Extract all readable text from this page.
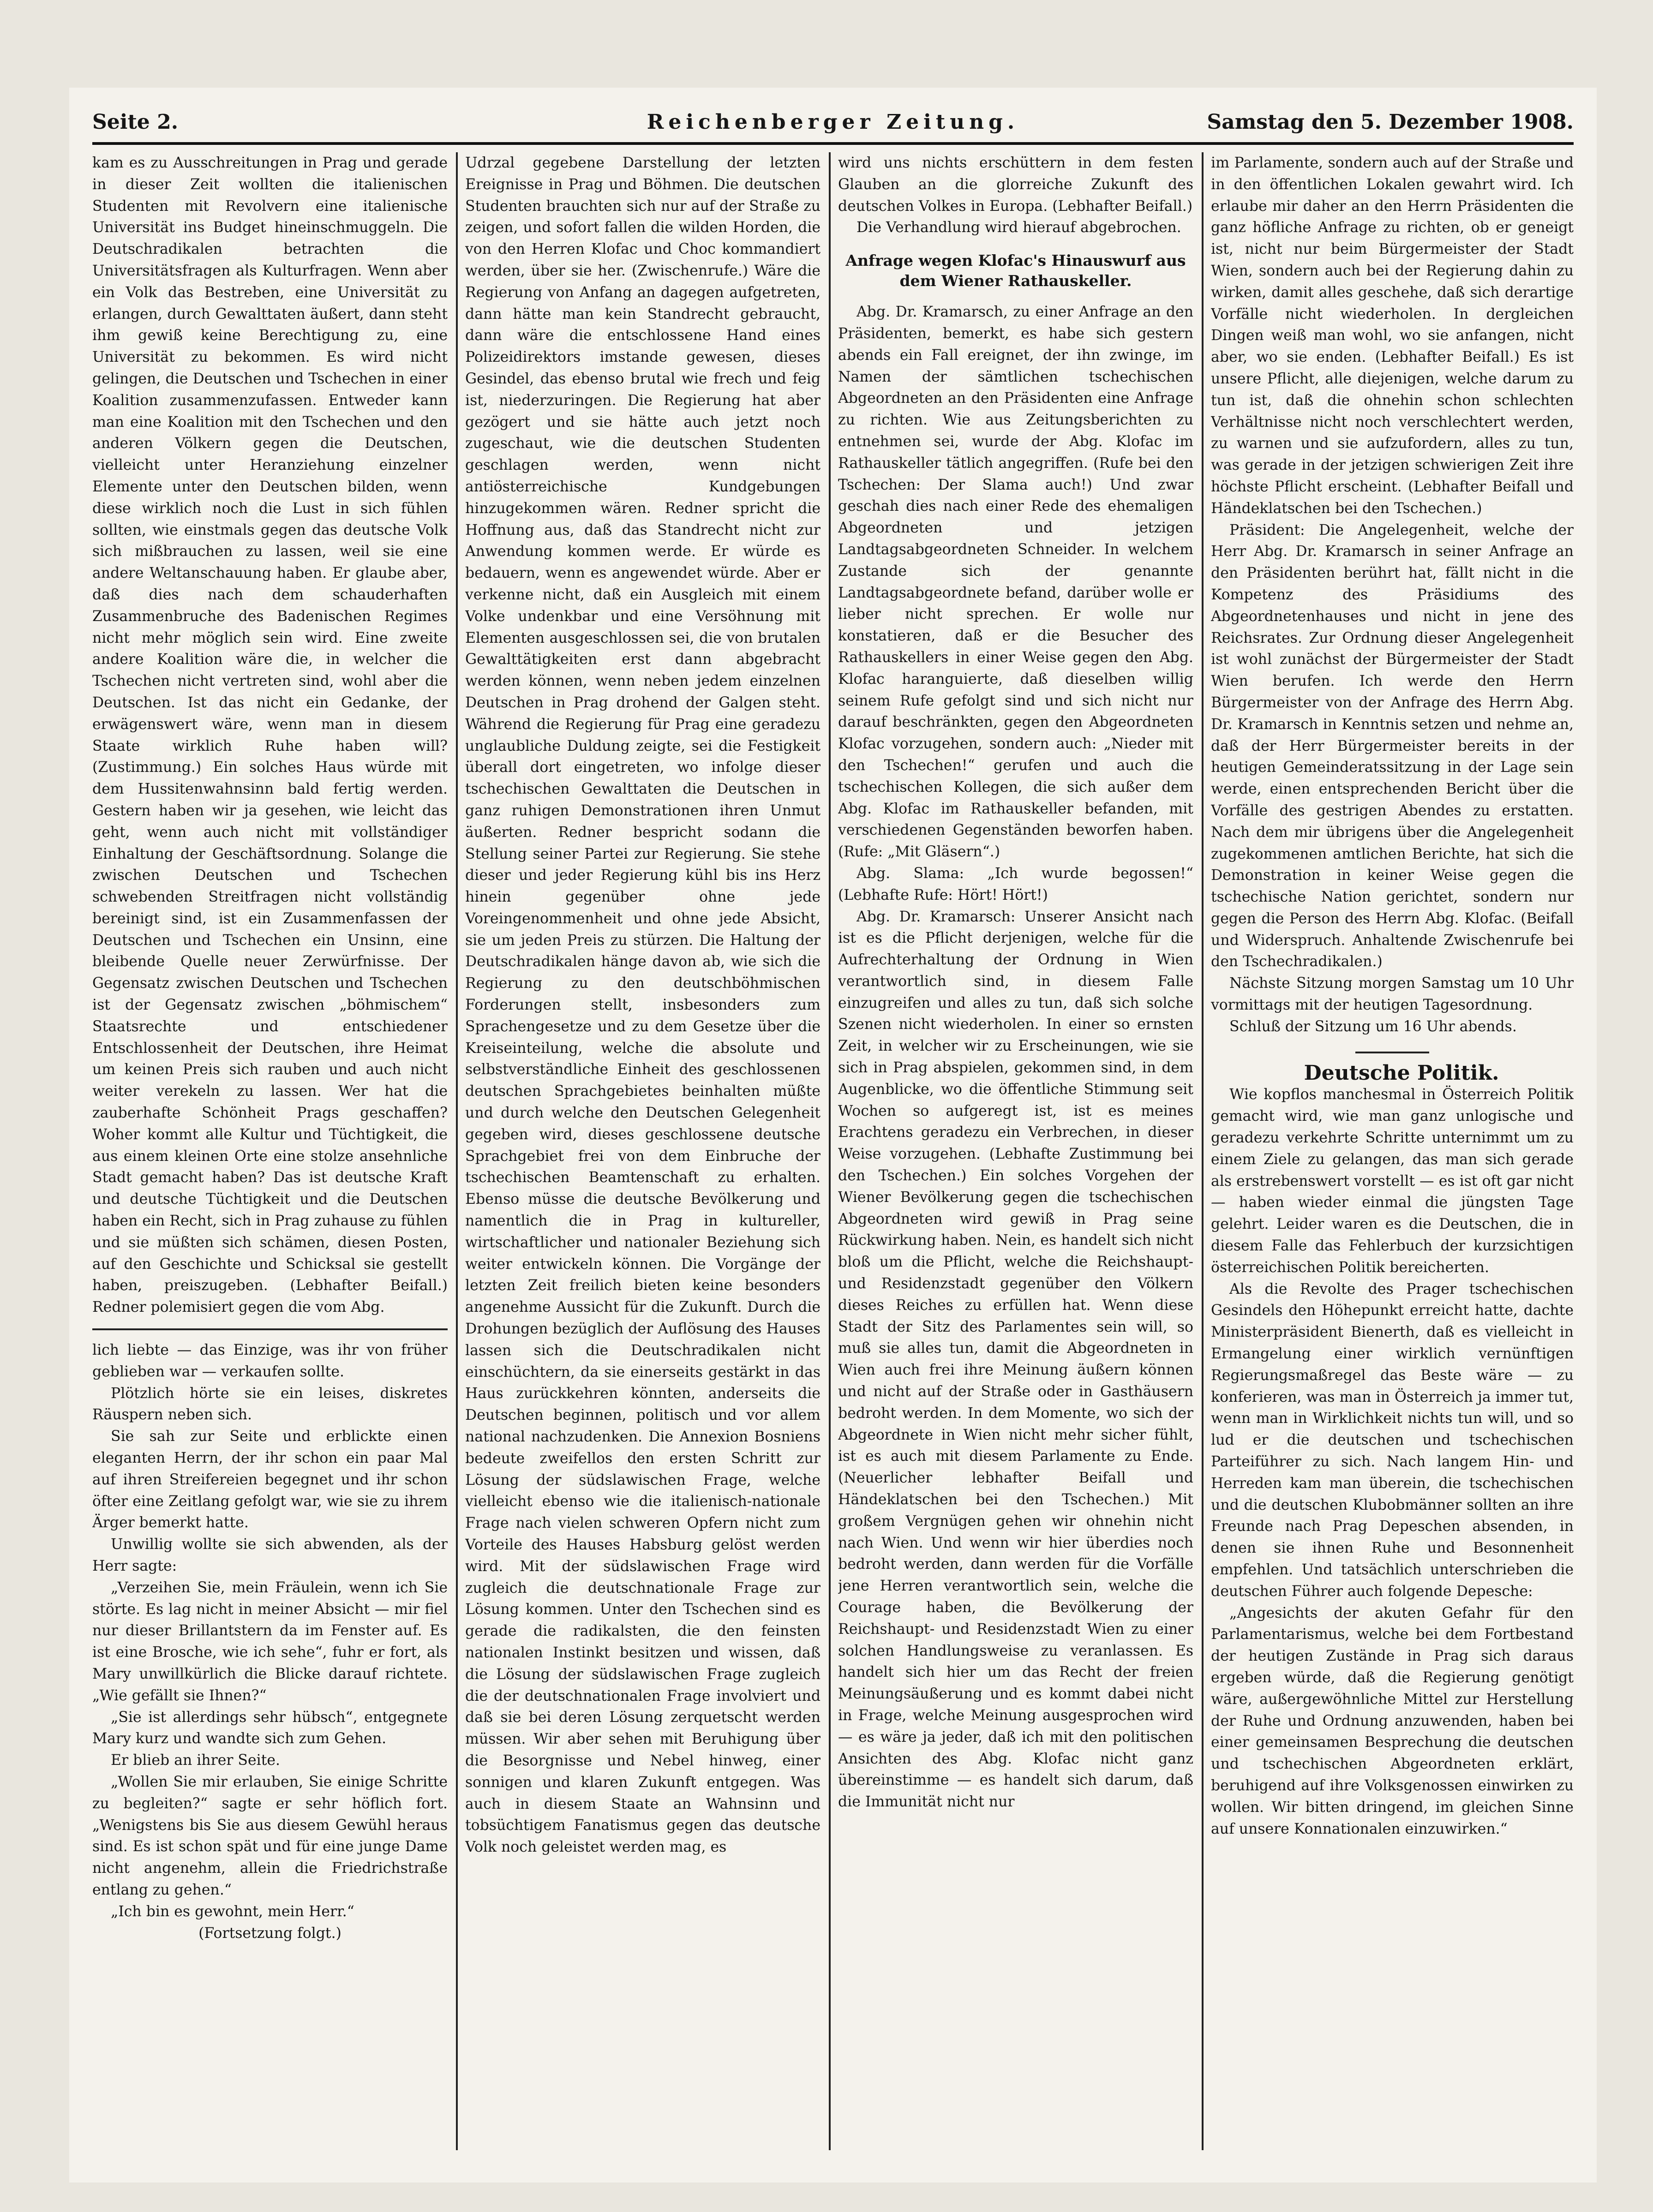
Seite 2.	Reichenberger Zeitung.	Samstag den 5. Dezember 1908.

kam es zu Ausschreitungen in Prag und gerade in dieser Zeit wollten die italienischen Studenten mit Revolvern eine italienische Universität ins Budget hineinschmuggeln. Die Deutschradikalen betrachten die Universitätsfragen als Kulturfragen. Wenn aber ein Volk das Bestreben, eine Universität zu erlangen, durch Gewalttaten äußert, dann steht ihm gewiß keine Berechtigung zu, eine Universität zu bekommen. Es wird nicht gelingen, die Deutschen und Tschechen in einer Koalition zusammenzufassen. Entweder kann man eine Koalition mit den Tschechen und den anderen Völkern gegen die Deutschen, vielleicht unter Heranziehung einzelner Elemente unter den Deutschen bilden, wenn diese wirklich noch die Lust in sich fühlen sollten, wie einstmals gegen das deutsche Volk sich mißbrauchen zu lassen, weil sie eine andere Weltanschauung haben. Er glaube aber, daß dies nach dem schauderhaften Zusammenbruche des Badenischen Regimes nicht mehr möglich sein wird. Eine zweite andere Koalition wäre die, in welcher die Tschechen nicht vertreten sind, wohl aber die Deutschen. Ist das nicht ein Gedanke, der erwägenswert wäre, wenn man in diesem Staate wirklich Ruhe haben will? (Zustimmung.) Ein solches Haus würde mit dem Hussitenwahnsinn bald fertig werden. Gestern haben wir ja gesehen, wie leicht das geht, wenn auch nicht mit vollständiger Einhaltung der Geschäftsordnung. Solange die zwischen Deutschen und Tschechen schwebenden Streitfragen nicht vollständig bereinigt sind, ist ein Zusammenfassen der Deutschen und Tschechen ein Unsinn, eine bleibende Quelle neuer Zerwürfnisse. Der Gegensatz zwischen Deutschen und Tschechen ist der Gegensatz zwischen „böhmischem“ Staatsrechte und entschiedener Entschlossenheit der Deutschen, ihre Heimat um keinen Preis sich rauben und auch nicht weiter verekeln zu lassen. Wer hat die zauberhafte Schönheit Prags geschaffen? Woher kommt alle Kultur und Tüchtigkeit, die aus einem kleinen Orte eine stolze ansehnliche Stadt gemacht haben? Das ist deutsche Kraft und deutsche Tüchtigkeit und die Deutschen haben ein Recht, sich in Prag zuhause zu fühlen und sie müßten sich schämen, diesen Posten, auf den Geschichte und Schicksal sie gestellt haben, preiszugeben. (Lebhafter Beifall.) Redner polemisiert gegen die vom Abg.

lich liebte — das Einzige, was ihr von früher geblieben war — verkaufen sollte.

Plötzlich hörte sie ein leises, diskretes Räuspern neben sich.

Sie sah zur Seite und erblickte einen eleganten Herrn, der ihr schon ein paar Mal auf ihren Streifereien begegnet und ihr schon öfter eine Zeitlang gefolgt war, wie sie zu ihrem Ärger bemerkt hatte.

Unwillig wollte sie sich abwenden, als der Herr sagte:

„Verzeihen Sie, mein Fräulein, wenn ich Sie störte. Es lag nicht in meiner Absicht — mir fiel nur dieser Brillantstern da im Fenster auf. Es ist eine Brosche, wie ich sehe“, fuhr er fort, als Mary unwillkürlich die Blicke darauf richtete. „Wie gefällt sie Ihnen?“

„Sie ist allerdings sehr hübsch“, entgegnete Mary kurz und wandte sich zum Gehen.

Er blieb an ihrer Seite.

„Wollen Sie mir erlauben, Sie einige Schritte zu begleiten?“ sagte er sehr höflich fort. „Wenigstens bis Sie aus diesem Gewühl heraus sind. Es ist schon spät und für eine junge Dame nicht angenehm, allein die Friedrichstraße entlang zu gehen.“

„Ich bin es gewohnt, mein Herr.“

(Fortsetzung folgt.)

Udrzal gegebene Darstellung der letzten Ereignisse in Prag und Böhmen. Die deutschen Studenten brauchten sich nur auf der Straße zu zeigen, und sofort fallen die wilden Horden, die von den Herren Klofac und Choc kommandiert werden, über sie her. (Zwischenrufe.) Wäre die Regierung von Anfang an dagegen aufgetreten, dann hätte man kein Standrecht gebraucht, dann wäre die entschlossene Hand eines Polizeidirektors imstande gewesen, dieses Gesindel, das ebenso brutal wie frech und feig ist, niederzuringen. Die Regierung hat aber gezögert und sie hätte auch jetzt noch zugeschaut, wie die deutschen Studenten geschlagen werden, wenn nicht antiösterreichische Kundgebungen hinzugekommen wären. Redner spricht die Hoffnung aus, daß das Standrecht nicht zur Anwendung kommen werde. Er würde es bedauern, wenn es angewendet würde. Aber er verkenne nicht, daß ein Ausgleich mit einem Volke undenkbar und eine Versöhnung mit Elementen ausgeschlossen sei, die von brutalen Gewalttätigkeiten erst dann abgebracht werden können, wenn neben jedem einzelnen Deutschen in Prag drohend der Galgen steht. Während die Regierung für Prag eine geradezu unglaubliche Duldung zeigte, sei die Festigkeit überall dort eingetreten, wo infolge dieser tschechischen Gewalttaten die Deutschen in ganz ruhigen Demonstrationen ihren Unmut äußerten. Redner bespricht sodann die Stellung seiner Partei zur Regierung. Sie stehe dieser und jeder Regierung kühl bis ins Herz hinein gegenüber ohne jede Voreingenommenheit und ohne jede Absicht, sie um jeden Preis zu stürzen. Die Haltung der Deutschradikalen hänge davon ab, wie sich die Regierung zu den deutschböhmischen Forderungen stellt, insbesonders zum Sprachengesetze und zu dem Gesetze über die Kreiseinteilung, welche die absolute und selbstverständliche Einheit des geschlossenen deutschen Sprachgebietes beinhalten müßte und durch welche den Deutschen Gelegenheit gegeben wird, dieses geschlossene deutsche Sprachgebiet frei von dem Einbruche der tschechischen Beamtenschaft zu erhalten. Ebenso müsse die deutsche Bevölkerung und namentlich die in Prag in kultureller, wirtschaftlicher und nationaler Beziehung sich weiter entwickeln können. Die Vorgänge der letzten Zeit freilich bieten keine besonders angenehme Aussicht für die Zukunft. Durch die Drohungen bezüglich der Auflösung des Hauses lassen sich die Deutschradikalen nicht einschüchtern, da sie einerseits gestärkt in das Haus zurückkehren könnten, anderseits die Deutschen beginnen, politisch und vor allem national nachzudenken. Die Annexion Bosniens bedeute zweifellos den ersten Schritt zur Lösung der südslawischen Frage, welche vielleicht ebenso wie die italienisch-nationale Frage nach vielen schweren Opfern nicht zum Vorteile des Hauses Habsburg gelöst werden wird. Mit der südslawischen Frage wird zugleich die deutschnationale Frage zur Lösung kommen. Unter den Tschechen sind es gerade die radikalsten, die den feinsten nationalen Instinkt besitzen und wissen, daß die Lösung der südslawischen Frage zugleich die der deutschnationalen Frage involviert und daß sie bei deren Lösung zerquetscht werden müssen. Wir aber sehen mit Beruhigung über die Besorgnisse und Nebel hinweg, einer sonnigen und klaren Zukunft entgegen. Was auch in diesem Staate an Wahnsinn und tobsüchtigem Fanatismus gegen das deutsche Volk noch geleistet werden mag, es

wird uns nichts erschüttern in dem festen Glauben an die glorreiche Zukunft des deutschen Volkes in Europa. (Lebhafter Beifall.)

Die Verhandlung wird hierauf abgebrochen.

Anfrage wegen Klofac's Hinauswurf aus dem Wiener Rathauskeller.

Abg. Dr. Kramarsch, zu einer Anfrage an den Präsidenten, bemerkt, es habe sich gestern abends ein Fall ereignet, der ihn zwinge, im Namen der sämtlichen tschechischen Abgeordneten an den Präsidenten eine Anfrage zu richten. Wie aus Zeitungsberichten zu entnehmen sei, wurde der Abg. Klofac im Rathauskeller tätlich angegriffen. (Rufe bei den Tschechen: Der Slama auch!) Und zwar geschah dies nach einer Rede des ehemaligen Abgeordneten und jetzigen Landtagsabgeordneten Schneider. In welchem Zustande sich der genannte Landtagsabgeordnete befand, darüber wolle er lieber nicht sprechen. Er wolle nur konstatieren, daß er die Besucher des Rathauskellers in einer Weise gegen den Abg. Klofac haranguierte, daß dieselben willig seinem Rufe gefolgt sind und sich nicht nur darauf beschränkten, gegen den Abgeordneten Klofac vorzugehen, sondern auch: „Nieder mit den Tschechen!“ gerufen und auch die tschechischen Kollegen, die sich außer dem Abg. Klofac im Rathauskeller befanden, mit verschiedenen Gegenständen beworfen haben. (Rufe: „Mit Gläsern“.)

Abg. Slama: „Ich wurde begossen!“ (Lebhafte Rufe: Hört! Hört!)

Abg. Dr. Kramarsch: Unserer Ansicht nach ist es die Pflicht derjenigen, welche für die Aufrechterhaltung der Ordnung in Wien verantwortlich sind, in diesem Falle einzugreifen und alles zu tun, daß sich solche Szenen nicht wiederholen. In einer so ernsten Zeit, in welcher wir zu Erscheinungen, wie sie sich in Prag abspielen, gekommen sind, in dem Augenblicke, wo die öffentliche Stimmung seit Wochen so aufgeregt ist, ist es meines Erachtens geradezu ein Verbrechen, in dieser Weise vorzugehen. (Lebhafte Zustimmung bei den Tschechen.) Ein solches Vorgehen der Wiener Bevölkerung gegen die tschechischen Abgeordneten wird gewiß in Prag seine Rückwirkung haben. Nein, es handelt sich nicht bloß um die Pflicht, welche die Reichshaupt- und Residenzstadt gegenüber den Völkern dieses Reiches zu erfüllen hat. Wenn diese Stadt der Sitz des Parlamentes sein will, so muß sie alles tun, damit die Abgeordneten in Wien auch frei ihre Meinung äußern können und nicht auf der Straße oder in Gasthäusern bedroht werden. In dem Momente, wo sich der Abgeordnete in Wien nicht mehr sicher fühlt, ist es auch mit diesem Parlamente zu Ende. (Neuerlicher lebhafter Beifall und Händeklatschen bei den Tschechen.) Mit großem Vergnügen gehen wir ohnehin nicht nach Wien. Und wenn wir hier überdies noch bedroht werden, dann werden für die Vorfälle jene Herren verantwortlich sein, welche die Courage haben, die Bevölkerung der Reichshaupt- und Residenzstadt Wien zu einer solchen Handlungsweise zu veranlassen. Es handelt sich hier um das Recht der freien Meinungsäußerung und es kommt dabei nicht in Frage, welche Meinung ausgesprochen wird — es wäre ja jeder, daß ich mit den politischen Ansichten des Abg. Klofac nicht ganz übereinstimme — es handelt sich darum, daß die Immunität nicht nur

im Parlamente, sondern auch auf der Straße und in den öffentlichen Lokalen gewahrt wird. Ich erlaube mir daher an den Herrn Präsidenten die ganz höfliche Anfrage zu richten, ob er geneigt ist, nicht nur beim Bürgermeister der Stadt Wien, sondern auch bei der Regierung dahin zu wirken, damit alles geschehe, daß sich derartige Vorfälle nicht wiederholen. In dergleichen Dingen weiß man wohl, wo sie anfangen, nicht aber, wo sie enden. (Lebhafter Beifall.) Es ist unsere Pflicht, alle diejenigen, welche darum zu tun ist, daß die ohnehin schon schlechten Verhältnisse nicht noch verschlechtert werden, zu warnen und sie aufzufordern, alles zu tun, was gerade in der jetzigen schwierigen Zeit ihre höchste Pflicht erscheint. (Lebhafter Beifall und Händeklatschen bei den Tschechen.)

Präsident: Die Angelegenheit, welche der Herr Abg. Dr. Kramarsch in seiner Anfrage an den Präsidenten berührt hat, fällt nicht in die Kompetenz des Präsidiums des Abgeordnetenhauses und nicht in jene des Reichsrates. Zur Ordnung dieser Angelegenheit ist wohl zunächst der Bürgermeister der Stadt Wien berufen. Ich werde den Herrn Bürgermeister von der Anfrage des Herrn Abg. Dr. Kramarsch in Kenntnis setzen und nehme an, daß der Herr Bürgermeister bereits in der heutigen Gemeinderatssitzung in der Lage sein werde, einen entsprechenden Bericht über die Vorfälle des gestrigen Abendes zu erstatten. Nach dem mir übrigens über die Angelegenheit zugekommenen amtlichen Berichte, hat sich die Demonstration in keiner Weise gegen die tschechische Nation gerichtet, sondern nur gegen die Person des Herrn Abg. Klofac. (Beifall und Widerspruch. Anhaltende Zwischenrufe bei den Tschechradikalen.)

Nächste Sitzung morgen Samstag um 10 Uhr vormittags mit der heutigen Tagesordnung.

Schluß der Sitzung um 16 Uhr abends.

Deutsche Politik.

Wie kopflos manchesmal in Österreich Politik gemacht wird, wie man ganz unlogische und geradezu verkehrte Schritte unternimmt um zu einem Ziele zu gelangen, das man sich gerade als erstrebenswert vorstellt — es ist oft gar nicht — haben wieder einmal die jüngsten Tage gelehrt. Leider waren es die Deutschen, die in diesem Falle das Fehlerbuch der kurzsichtigen österreichischen Politik bereicherten.

Als die Revolte des Prager tschechischen Gesindels den Höhepunkt erreicht hatte, dachte Ministerpräsident Bienerth, daß es vielleicht in Ermangelung einer wirklich vernünftigen Regierungsmaßregel das Beste wäre — zu konferieren, was man in Österreich ja immer tut, wenn man in Wirklichkeit nichts tun will, und so lud er die deutschen und tschechischen Parteiführer zu sich. Nach langem Hin- und Herreden kam man überein, die tschechischen und die deutschen Klubobmänner sollten an ihre Freunde nach Prag Depeschen absenden, in denen sie ihnen Ruhe und Besonnenheit empfehlen. Und tatsächlich unterschrieben die deutschen Führer auch folgende Depesche:

„Angesichts der akuten Gefahr für den Parlamentarismus, welche bei dem Fortbestand der heutigen Zustände in Prag sich daraus ergeben würde, daß die Regierung genötigt wäre, außergewöhnliche Mittel zur Herstellung der Ruhe und Ordnung anzuwenden, haben bei einer gemeinsamen Besprechung die deutschen und tschechischen Abgeordneten erklärt, beruhigend auf ihre Volksgenossen einwirken zu wollen. Wir bitten dringend, im gleichen Sinne auf unsere Konnationalen einzuwirken.“
